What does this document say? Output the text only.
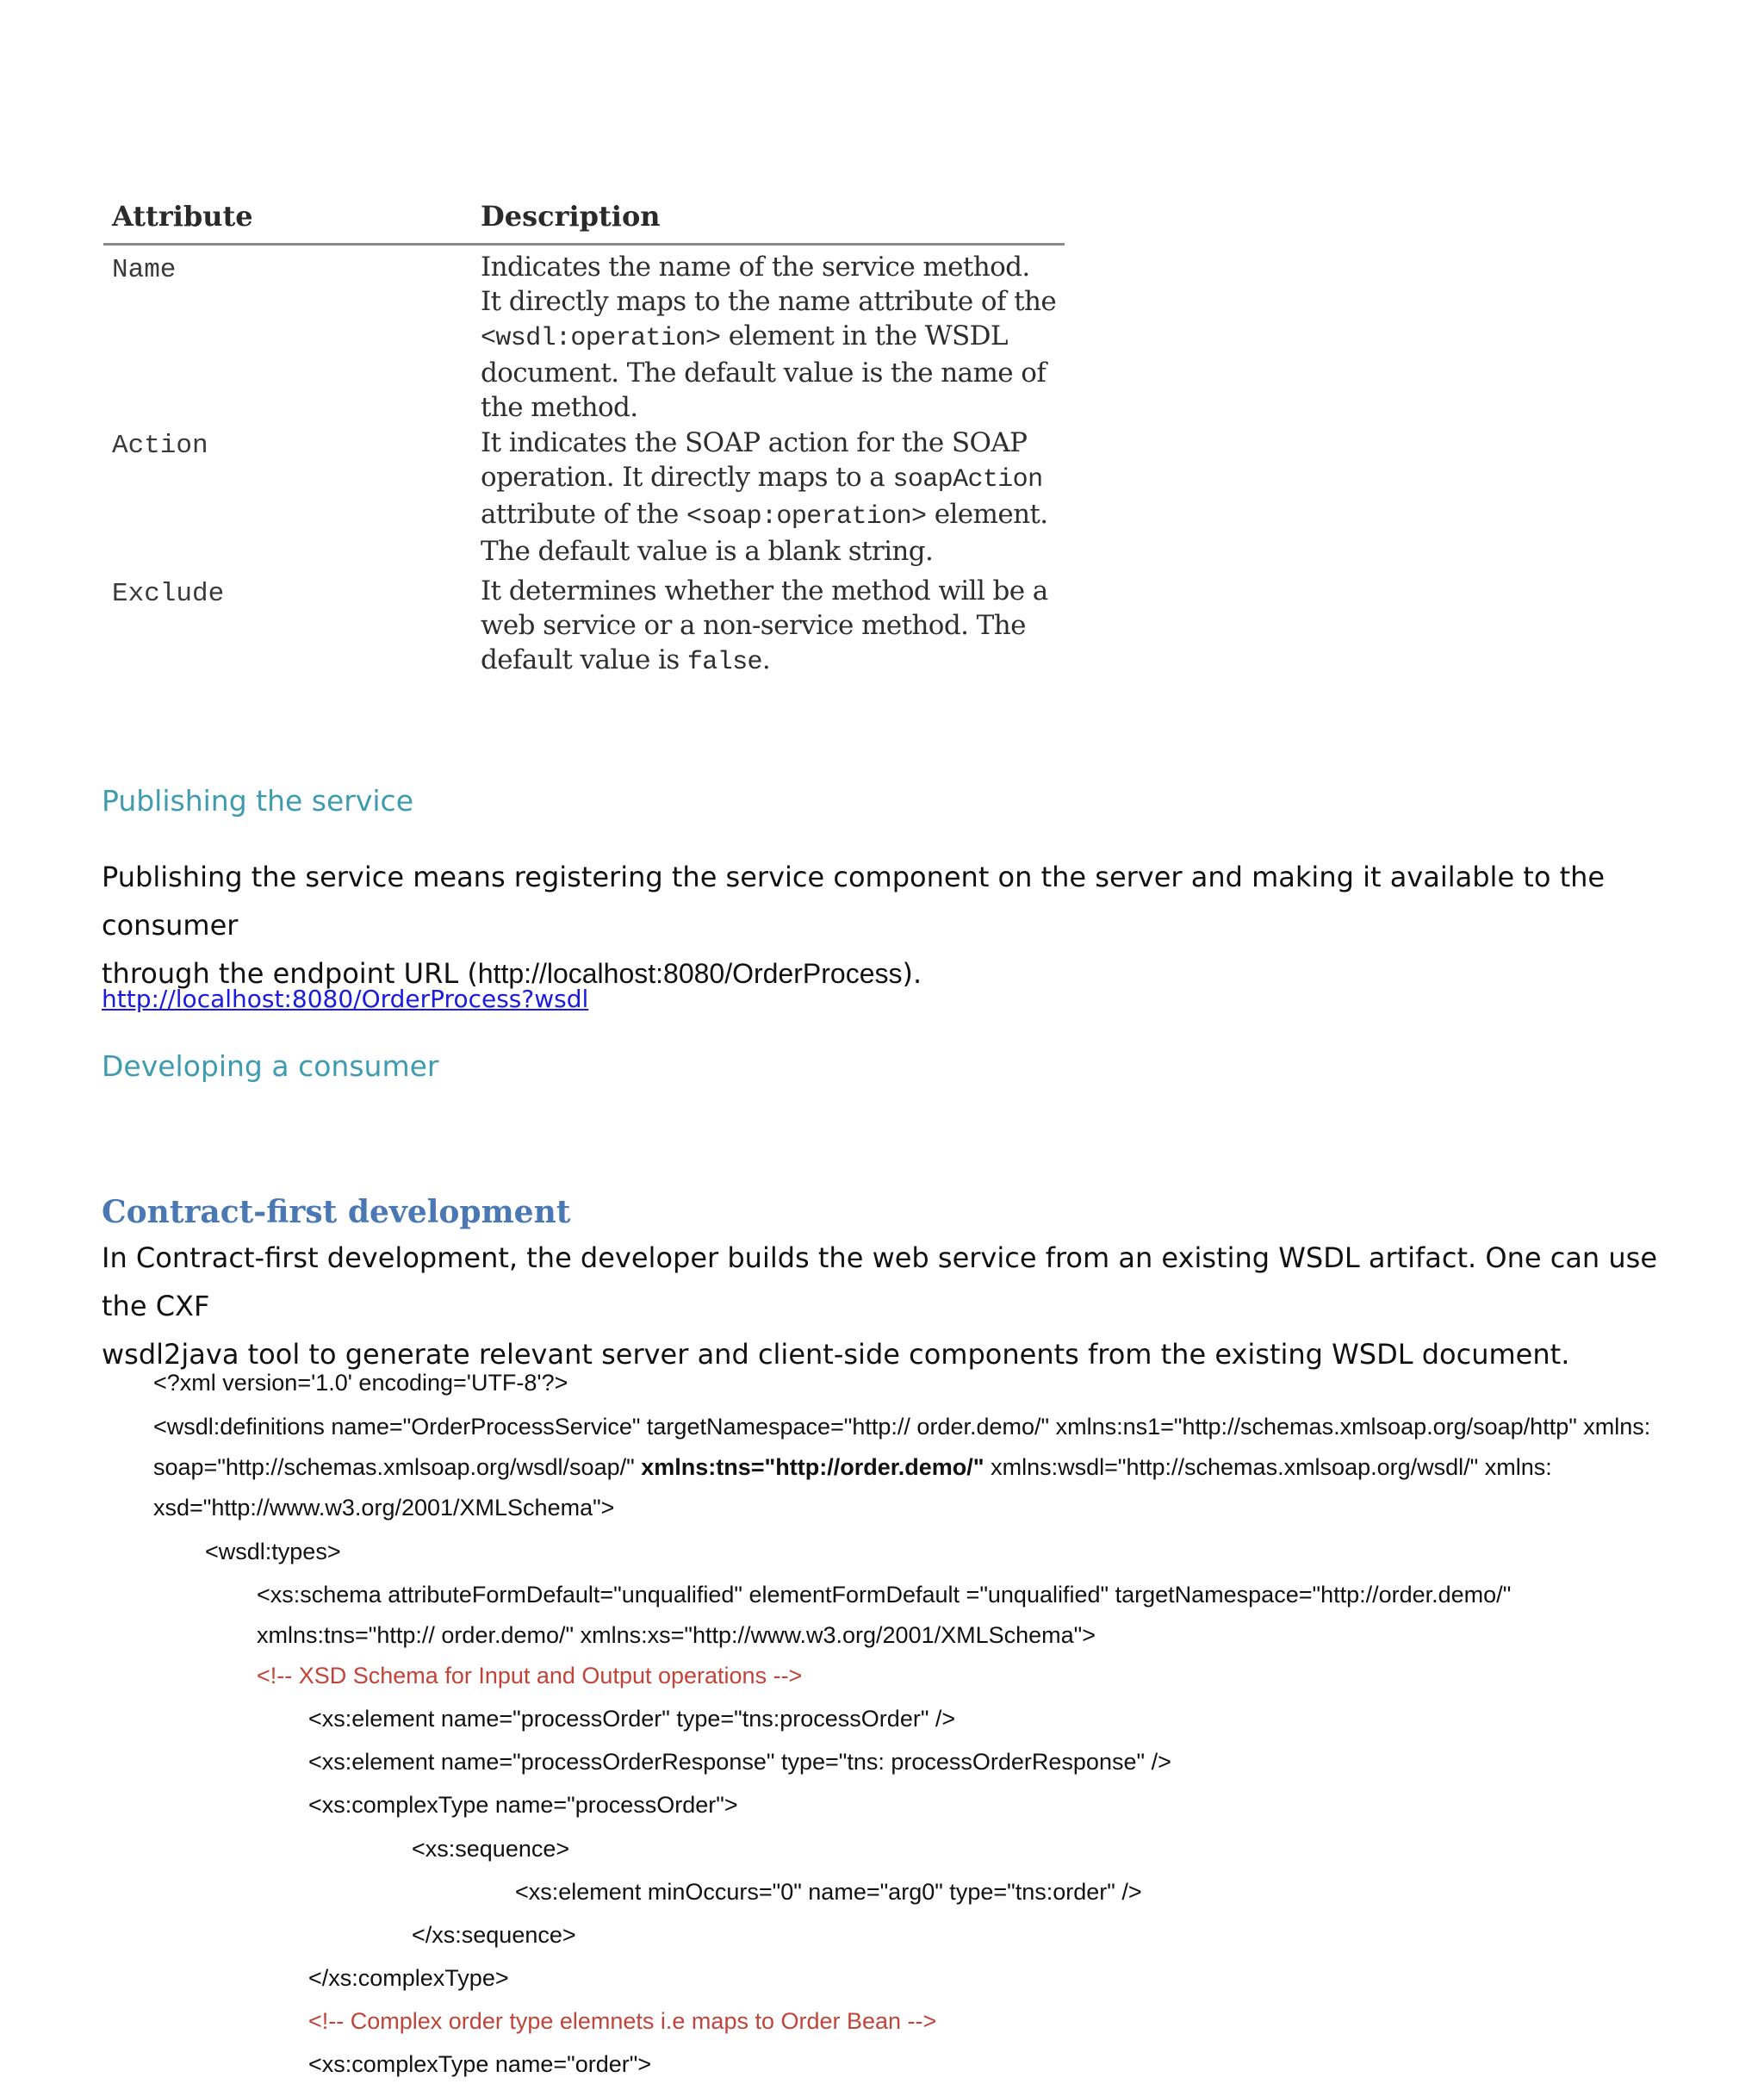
Attribute	Description
Name	Indicates the name of the service method.
It directly maps to the name attribute of the
<wsdl:operation> element in the WSDL
document. The default value is the name of
the method.
Action	It indicates the SOAP action for the SOAP
operation. It directly maps to a soapAction
attribute of the <soap:operation> element.
The default value is a blank string.
Exclude	It determines whether the method will be a
web service or a non-service method. The
default value is false.
Publishing the service
Publishing the service means registering the service component on the server and making it available to the consumer
through the endpoint URL (http://localhost:8080/OrderProcess).
http://localhost:8080/OrderProcess?wsdl
Developing a consumer
Contract-first development
In Contract-first development, the developer builds the web service from an existing WSDL artifact. One can use the CXF
wsdl2java tool to generate relevant server and client-side components from the existing WSDL document.
<?xml version='1.0' encoding='UTF-8'?>
<wsdl:definitions name="OrderProcessService" targetNamespace="http:// order.demo/" xmlns:ns1="http://schemas.xmlsoap.org/soap/http" xmlns:
soap="http://schemas.xmlsoap.org/wsdl/soap/" xmlns:tns="http://order.demo/" xmlns:wsdl="http://schemas.xmlsoap.org/wsdl/" xmlns:
xsd="http://www.w3.org/2001/XMLSchema">
<wsdl:types>
<xs:schema attributeFormDefault="unqualified" elementFormDefault ="unqualified" targetNamespace="http://order.demo/"
xmlns:tns="http:// order.demo/" xmlns:xs="http://www.w3.org/2001/XMLSchema">
<!-- XSD Schema for Input and Output operations -->
<xs:element name="processOrder" type="tns:processOrder" />
<xs:element name="processOrderResponse" type="tns: processOrderResponse" />
<xs:complexType name="processOrder">
<xs:sequence>
<xs:element minOccurs="0" name="arg0" type="tns:order" />
</xs:sequence>
</xs:complexType>
<!-- Complex order type elemnets i.e maps to Order Bean -->
<xs:complexType name="order">
